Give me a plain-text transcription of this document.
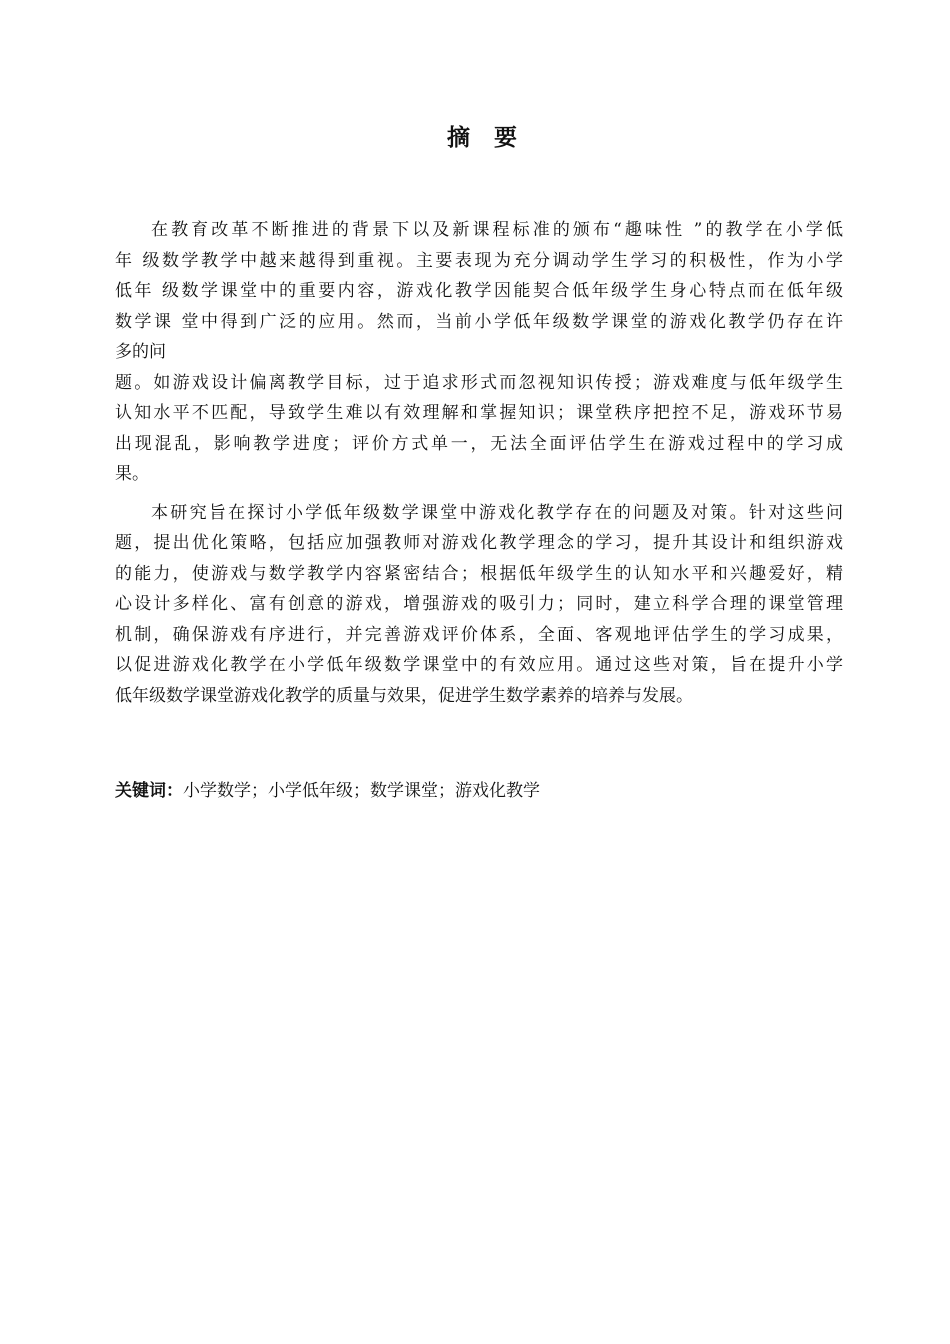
摘 要
在教育改革不断推进的背景下以及新课程标准的颁布“趣味性 ”的教学在小学低
年 级数学教学中越来越得到重视。主要表现为充分调动学生学习的积极性，作为小学
低年 级数学课堂中的重要内容，游戏化教学因能契合低年级学生身心特点而在低年级
数学课 堂中得到广泛的应用。然而，当前小学低年级数学课堂的游戏化教学仍存在许
多的问
题。如游戏设计偏离教学目标，过于追求形式而忽视知识传授；游戏难度与低年级学生
认知水平不匹配，导致学生难以有效理解和掌握知识；课堂秩序把控不足，游戏环节易
出现混乱，影响教学进度；评价方式单一，无法全面评估学生在游戏过程中的学习成
果。
本研究旨在探讨小学低年级数学课堂中游戏化教学存在的问题及对策。针对这些问
题，提出优化策略，包括应加强教师对游戏化教学理念的学习，提升其设计和组织游戏
的能力，使游戏与数学教学内容紧密结合；根据低年级学生的认知水平和兴趣爱好，精
心设计多样化、富有创意的游戏，增强游戏的吸引力；同时，建立科学合理的课堂管理
机制，确保游戏有序进行，并完善游戏评价体系，全面、客观地评估学生的学习成果，
以促进游戏化教学在小学低年级数学课堂中的有效应用。通过这些对策，旨在提升小学
低年级数学课堂游戏化教学的质量与效果，促进学生数学素养的培养与发展。
关键词：小学数学；小学低年级；数学课堂；游戏化教学
